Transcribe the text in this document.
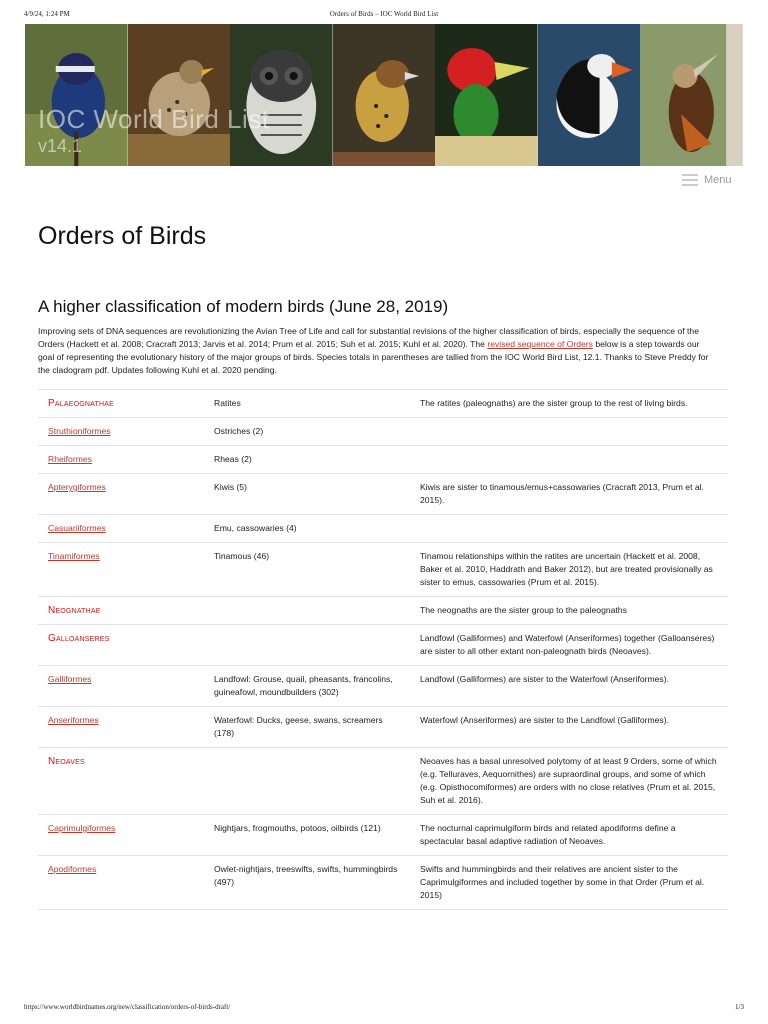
4/9/24, 1:24 PM	Orders of Birds – IOC World Bird List
IOC World Bird List
v14.1
Menu
Orders of Birds
A higher classification of modern birds (June 28, 2019)

Improving sets of DNA sequences are revolutionizing the Avian Tree of Life and call for substantial revisions of the higher classification of birds, especially the sequence of the Orders (Hackett et al. 2008; Cracraft 2013; Jarvis et al. 2014; Prum et al. 2015; Suh et al. 2015; Kuhl et al. 2020). The revised sequence of Orders below is a step towards our goal of representing the evolutionary history of the major groups of birds. Species totals in parentheses are tallied from the IOC World Bird List, 12.1. Thanks to Steve Preddy for the cladogram pdf. Updates following Kuhl et al. 2020 pending.

Palaeognathae	Ratites	The ratites (paleognaths) are the sister group to the rest of living birds.
Struthioniformes	Ostriches (2)	
Rheiformes	Rheas (2)	
Apterygiformes	Kiwis (5)	Kiwis are sister to tinamous/emus+cassowaries (Cracraft 2013, Prum et al. 2015).
Casuariiformes	Emu, cassowaries (4)	
Tinamiformes	Tinamous (46)	Tinamou relationships within the ratites are uncertain (Hackett et al. 2008, Baker et al. 2010, Haddrath and Baker 2012), but are treated provisionally as sister to emus, cassowaries (Prum et al. 2015).
Neognathae		The neognaths are the sister group to the paleognaths
Galloanseres		Landfowl (Galliformes) and Waterfowl (Anseriformes) together (Galloanseres) are sister to all other extant non-paleognath birds (Neoaves).
Galliformes	Landfowl: Grouse, quail, pheasants, francolins, guineafowl, moundbuilders (302)	Landfowl (Galliformes) are sister to the Waterfowl (Anseriformes).
Anseriformes	Waterfowl: Ducks, geese, swans, screamers (178)	Waterfowl (Anseriformes) are sister to the Landfowl (Galliformes).
Neoaves		Neoaves has a basal unresolved polytomy of at least 9 Orders, some of which (e.g. Telluraves, Aequornithes) are supraordinal groups, and some of which (e.g. Opisthocomiformes) are orders with no close relatives (Prum et al. 2015, Suh et al. 2016).
Caprimulgiformes	Nightjars, frogmouths, potoos, oilbirds (121)	The nocturnal caprimulgiform birds and related apodiforms define a spectacular basal adaptive radiation of Neoaves.
Apodiformes	Owlet-nightjars, treeswifts, swifts, hummingbirds (497)	Swifts and hummingbirds and their relatives are ancient sister to the Caprimulgiformes and included together by some in that Order (Prum et al. 2015)
https://www.worldbirdnames.org/new/classification/orders-of-birds-draft/	1/3
